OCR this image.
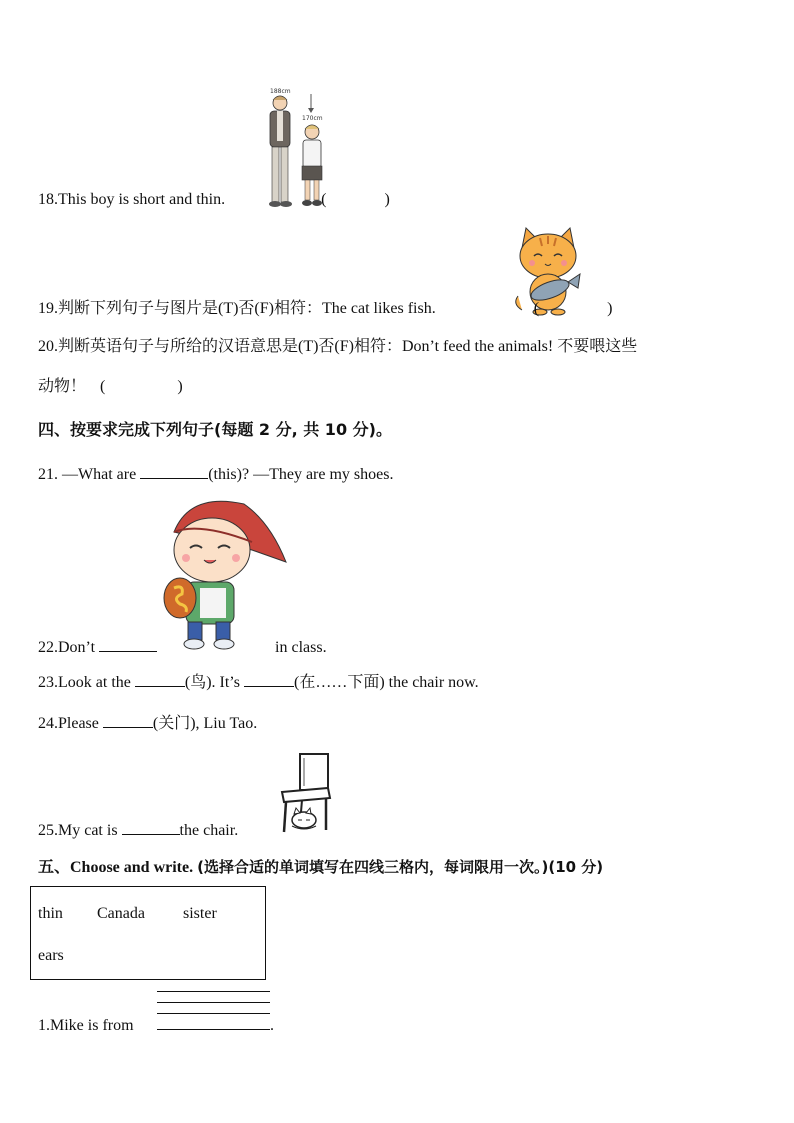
188cm
170cm
18.This boy is short and thin.	(	)
19.判断下列句子与图片是(T)否(F)相符：The cat likes fish.	(	)
20.判断英语句子与所给的汉语意思是(T)否(F)相符：Don’t feed the animals! 不要喂这些
动物！ (	)
四、按要求完成下列句子(每题 2 分, 共 10 分)。
21. —What are	(this)? —They are my shoes.
22.Don’t	in class.
23.Look at the	(鸟). It’s	(在……下面) the chair now.
24.Please	(关门), Liu Tao.
25.My cat is	the chair.
五、Choose and write. (选择合适的单词填写在四线三格内，每词限用一次。)(10 分)
thin Canada sister
ears
1.Mike is from	.
